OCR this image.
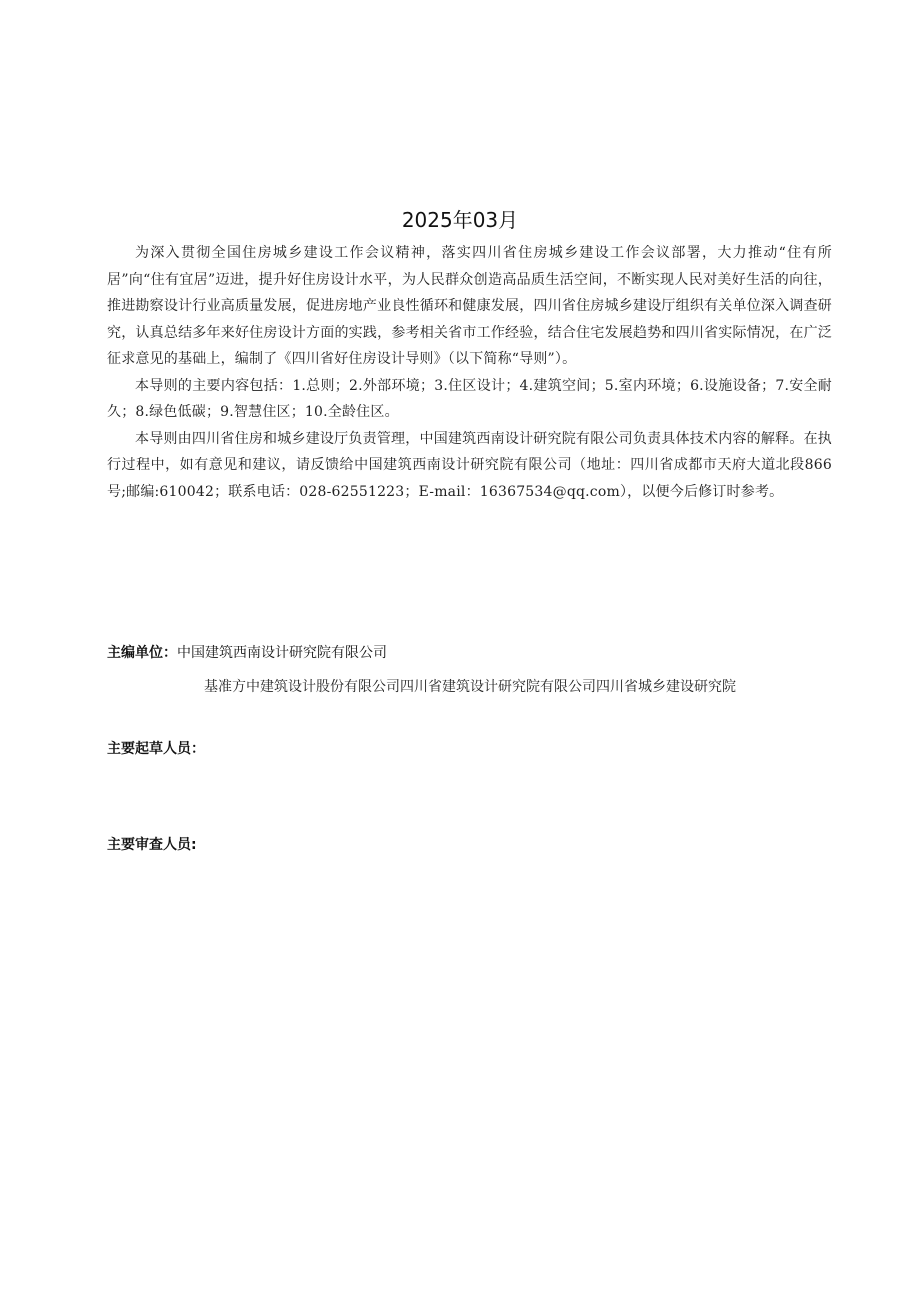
2025年03月

为深入贯彻全国住房城乡建设工作会议精神，落实四川省住房城乡建设工作会议部署，大力推动“住有所居”向“住有宜居”迈进，提升好住房设计水平，为人民群众创造高品质生活空间，不断实现人民对美好生活的向往，推进勘察设计行业高质量发展，促进房地产业良性循环和健康发展，四川省住房城乡建设厅组织有关单位深入调查研究，认真总结多年来好住房设计方面的实践，参考相关省市工作经验，结合住宅发展趋势和四川省实际情况，在广泛征求意见的基础上，编制了《四川省好住房设计导则》（以下简称“导则”）。

本导则的主要内容包括：1.总则；2.外部环境；3.住区设计；4.建筑空间；5.室内环境；6.设施设备；7.安全耐久；8.绿色低碳；9.智慧住区；10.全龄住区。

本导则由四川省住房和城乡建设厅负责管理，中国建筑西南设计研究院有限公司负责具体技术内容的解释。在执行过程中，如有意见和建议，请反馈给中国建筑西南设计研究院有限公司（地址：四川省成都市天府大道北段866号;邮编:610042；联系电话：028-62551223；E-mail：16367534@qq.com），以便今后修订时参考。

主编单位：中国建筑西南设计研究院有限公司
基准方中建筑设计股份有限公司四川省建筑设计研究院有限公司四川省城乡建设研究院
主要起草人员：
主要审查人员:
